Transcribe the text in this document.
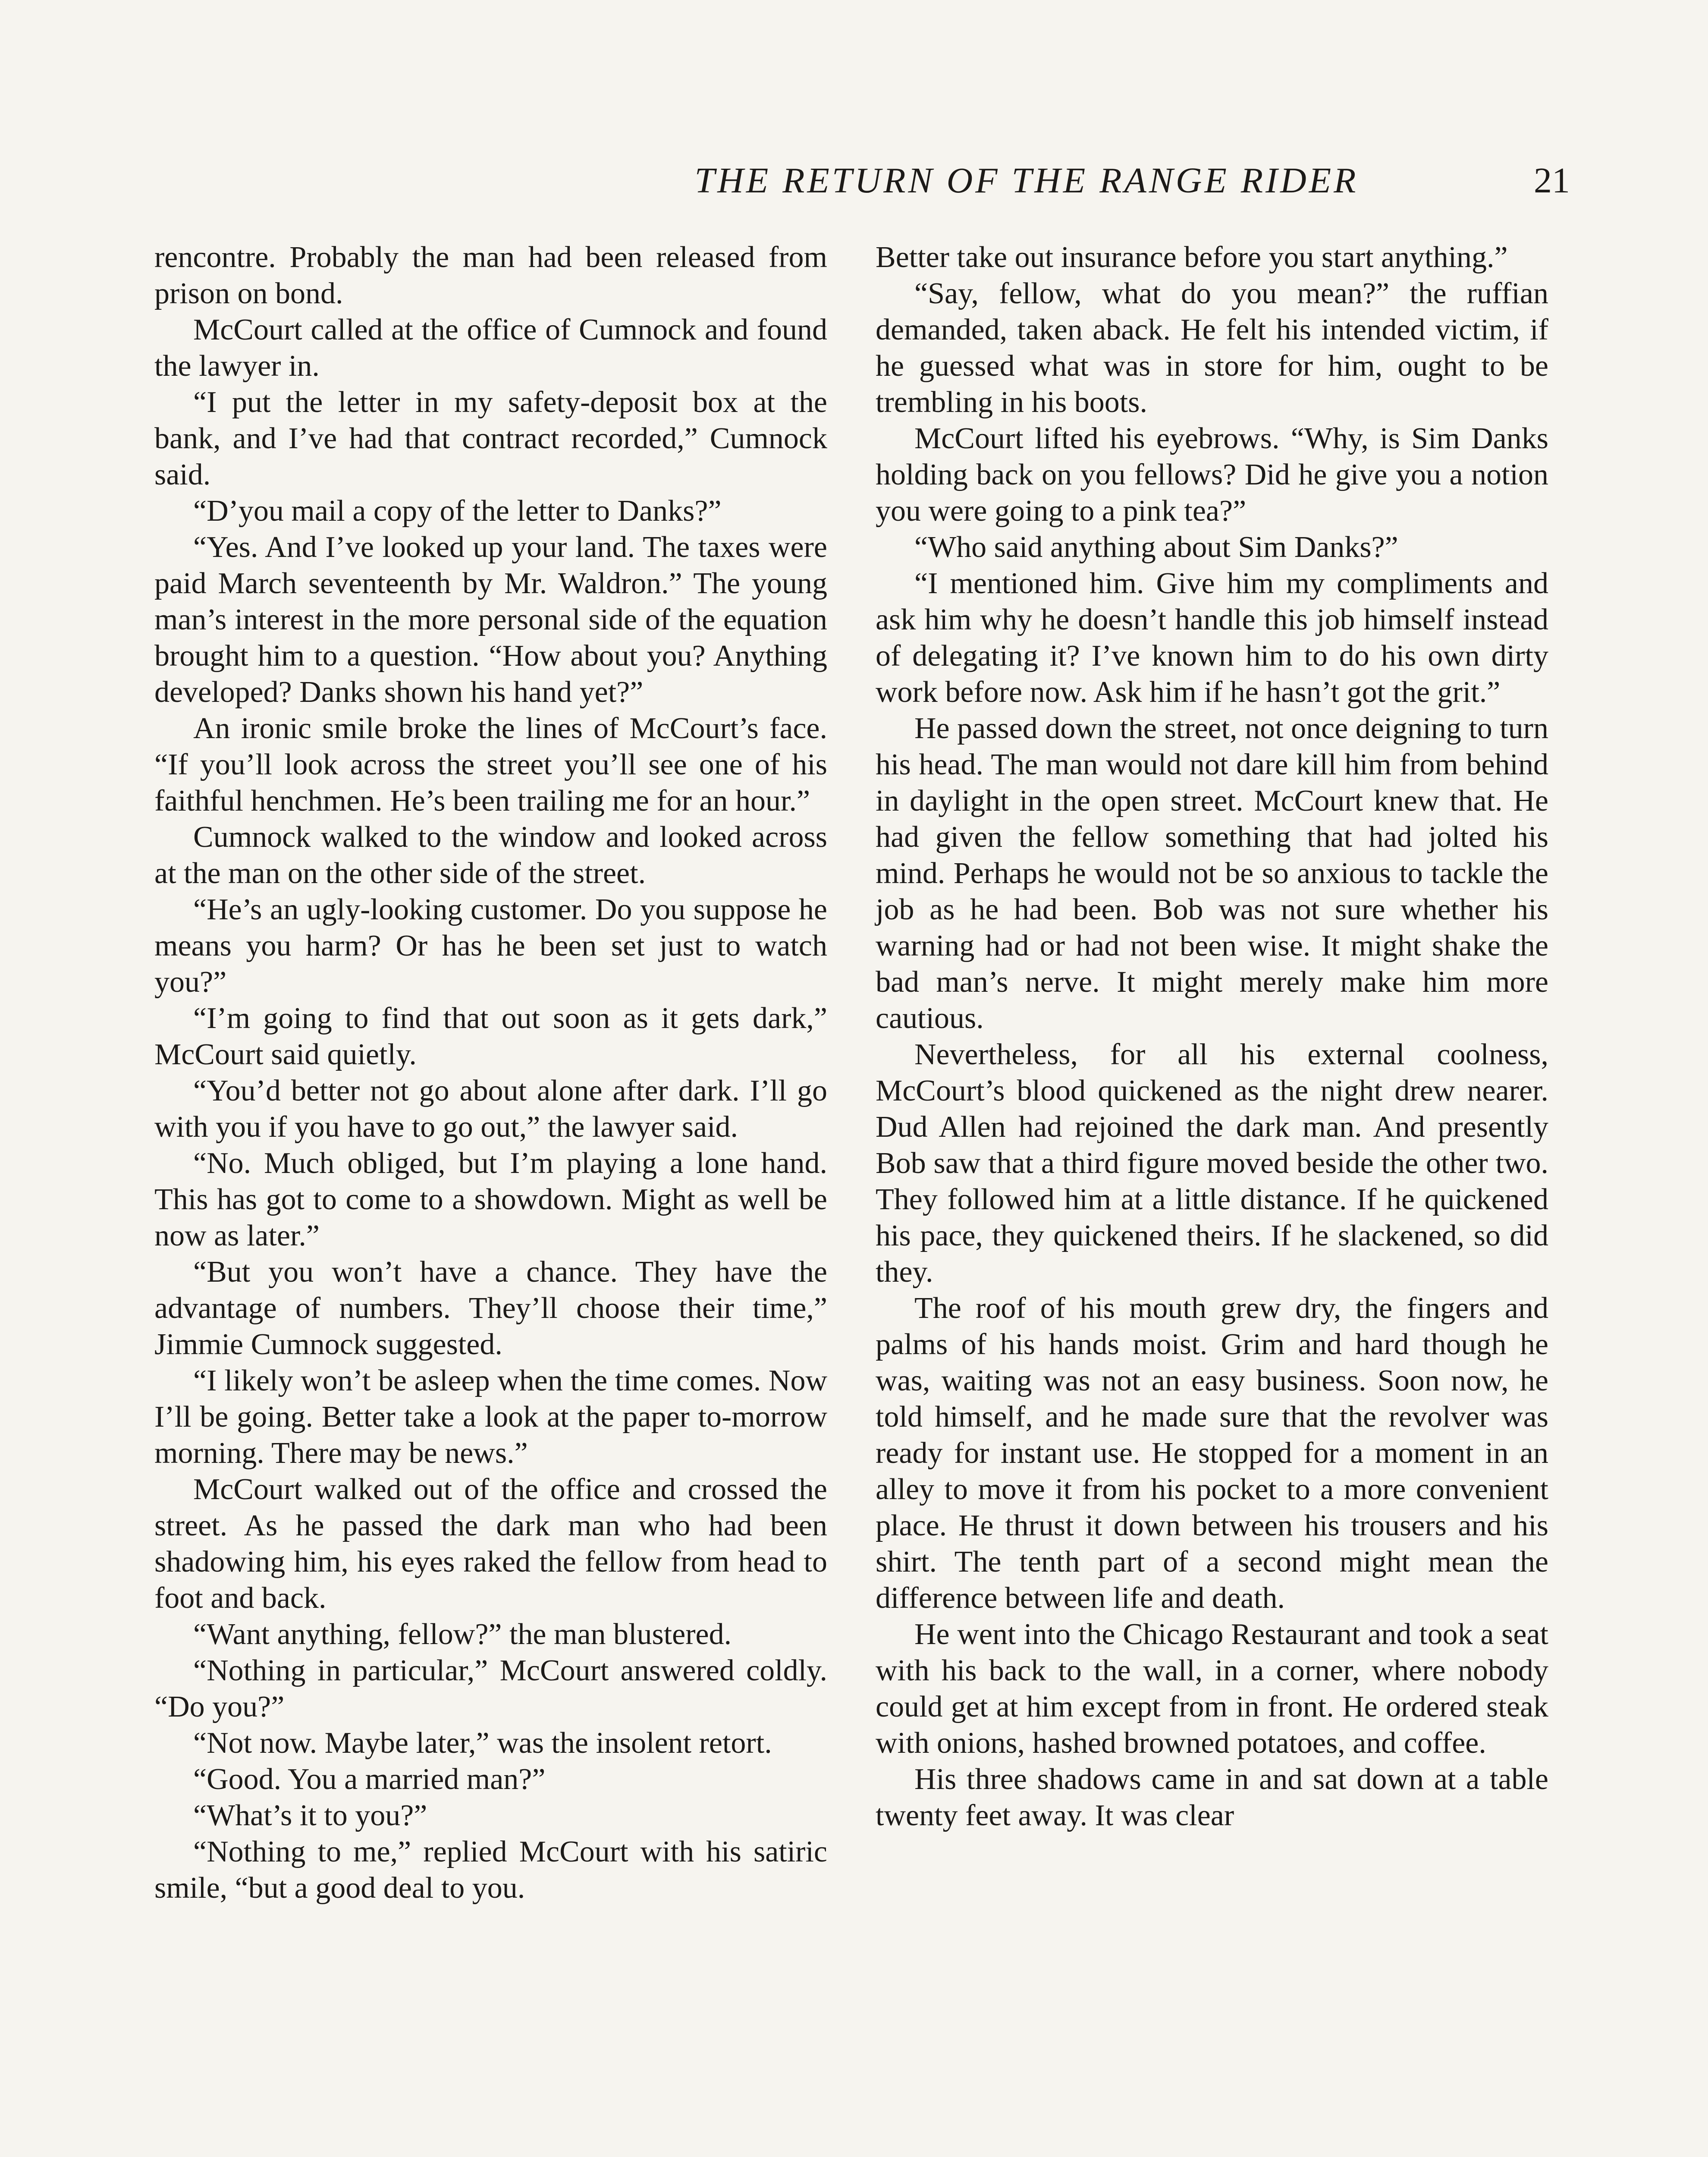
THE RETURN OF THE RANGE RIDER	21

rencontre. Probably the man had been released from prison on bond.

McCourt called at the office of Cumnock and found the lawyer in.

“I put the letter in my safety-deposit box at the bank, and I’ve had that contract recorded,” Cumnock said.

“D’you mail a copy of the letter to Danks?”

“Yes. And I’ve looked up your land. The taxes were paid March seventeenth by Mr. Waldron.” The young man’s interest in the more personal side of the equation brought him to a question. “How about you? Anything developed? Danks shown his hand yet?”

An ironic smile broke the lines of McCourt’s face. “If you’ll look across the street you’ll see one of his faithful henchmen. He’s been trailing me for an hour.”

Cumnock walked to the window and looked across at the man on the other side of the street.

“He’s an ugly-looking customer. Do you suppose he means you harm? Or has he been set just to watch you?”

“I’m going to find that out soon as it gets dark,” McCourt said quietly.

“You’d better not go about alone after dark. I’ll go with you if you have to go out,” the lawyer said.

“No. Much obliged, but I’m playing a lone hand. This has got to come to a showdown. Might as well be now as later.”

“But you won’t have a chance. They have the advantage of numbers. They’ll choose their time,” Jimmie Cumnock suggested.

“I likely won’t be asleep when the time comes. Now I’ll be going. Better take a look at the paper to-morrow morning. There may be news.”

McCourt walked out of the office and crossed the street. As he passed the dark man who had been shadowing him, his eyes raked the fellow from head to foot and back.

“Want anything, fellow?” the man blustered.

“Nothing in particular,” McCourt answered coldly. “Do you?”

“Not now. Maybe later,” was the insolent retort.

“Good. You a married man?”

“What’s it to you?”

“Nothing to me,” replied McCourt with his satiric smile, “but a good deal to you.

Better take out insurance before you start anything.”

“Say, fellow, what do you mean?” the ruffian demanded, taken aback. He felt his intended victim, if he guessed what was in store for him, ought to be trembling in his boots.

McCourt lifted his eyebrows. “Why, is Sim Danks holding back on you fellows? Did he give you a notion you were going to a pink tea?”

“Who said anything about Sim Danks?”

“I mentioned him. Give him my compliments and ask him why he doesn’t handle this job himself instead of delegating it? I’ve known him to do his own dirty work before now. Ask him if he hasn’t got the grit.”

He passed down the street, not once deigning to turn his head. The man would not dare kill him from behind in daylight in the open street. McCourt knew that. He had given the fellow something that had jolted his mind. Perhaps he would not be so anxious to tackle the job as he had been. Bob was not sure whether his warning had or had not been wise. It might shake the bad man’s nerve. It might merely make him more cautious.

Nevertheless, for all his external coolness, McCourt’s blood quickened as the night drew nearer. Dud Allen had rejoined the dark man. And presently Bob saw that a third figure moved beside the other two. They followed him at a little distance. If he quickened his pace, they quickened theirs. If he slackened, so did they.

The roof of his mouth grew dry, the fingers and palms of his hands moist. Grim and hard though he was, waiting was not an easy business. Soon now, he told himself, and he made sure that the revolver was ready for instant use. He stopped for a moment in an alley to move it from his pocket to a more convenient place. He thrust it down between his trousers and his shirt. The tenth part of a second might mean the difference between life and death.

He went into the Chicago Restaurant and took a seat with his back to the wall, in a corner, where nobody could get at him except from in front. He ordered steak with onions, hashed browned potatoes, and coffee.

His three shadows came in and sat down at a table twenty feet away. It was clear
